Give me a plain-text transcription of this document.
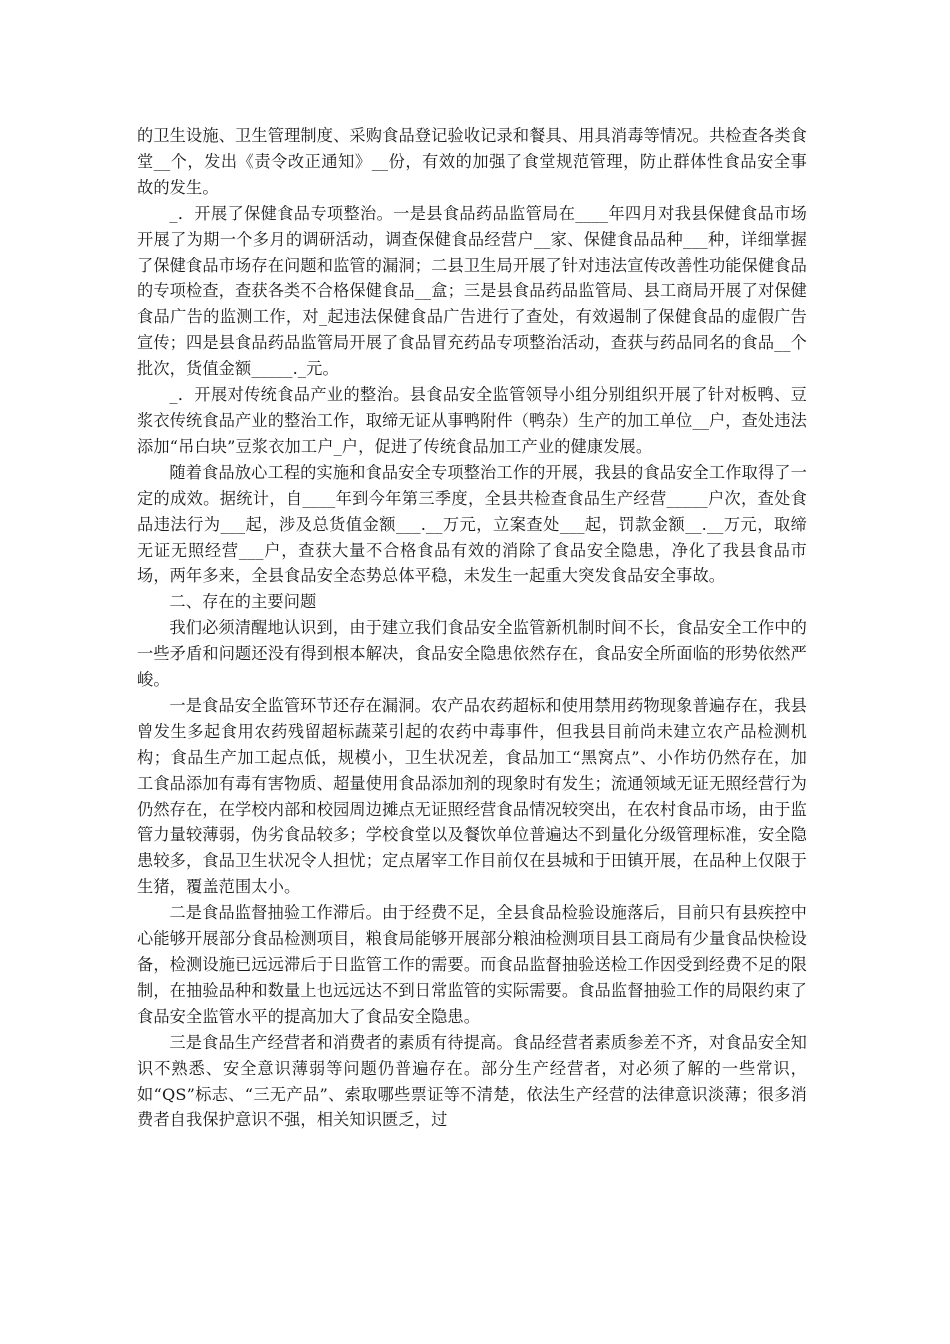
的卫生设施、卫生管理制度、采购食品登记验收记录和餐具、用具消毒等情况。共检查各类食堂__个，发出《责令改正通知》__份，有效的加强了食堂规范管理，防止群体性食品安全事故的发生。

_．开展了保健食品专项整治。一是县食品药品监管局在____年四月对我县保健食品市场开展了为期一个多月的调研活动，调查保健食品经营户__家、保健食品品种___种，详细掌握了保健食品市场存在问题和监管的漏洞；二县卫生局开展了针对违法宣传改善性功能保健食品的专项检查，查获各类不合格保健食品__盒；三是县食品药品监管局、县工商局开展了对保健食品广告的监测工作，对_起违法保健食品广告进行了查处，有效遏制了保健食品的虚假广告宣传；四是县食品药品监管局开展了食品冒充药品专项整治活动，查获与药品同名的食品__个批次，货值金额_____._元。

_．开展对传统食品产业的整治。县食品安全监管领导小组分别组织开展了针对板鸭、豆浆衣传统食品产业的整治工作，取缔无证从事鸭附件（鸭杂）生产的加工单位__户，查处违法添加“吊白块”豆浆衣加工户_户，促进了传统食品加工产业的健康发展。

随着食品放心工程的实施和食品安全专项整治工作的开展，我县的食品安全工作取得了一定的成效。据统计，自____年到今年第三季度，全县共检查食品生产经营_____户次，查处食品违法行为___起，涉及总货值金额___.__万元，立案查处___起，罚款金额__.__万元，取缔无证无照经营___户，查获大量不合格食品有效的消除了食品安全隐患，净化了我县食品市场，两年多来，全县食品安全态势总体平稳，未发生一起重大突发食品安全事故。

二、存在的主要问题

我们必须清醒地认识到，由于建立我们食品安全监管新机制时间不长，食品安全工作中的一些矛盾和问题还没有得到根本解决，食品安全隐患依然存在，食品安全所面临的形势依然严峻。

一是食品安全监管环节还存在漏洞。农产品农药超标和使用禁用药物现象普遍存在，我县曾发生多起食用农药残留超标蔬菜引起的农药中毒事件，但我县目前尚未建立农产品检测机构；食品生产加工起点低，规模小，卫生状况差，食品加工“黑窝点”、小作坊仍然存在，加工食品添加有毒有害物质、超量使用食品添加剂的现象时有发生；流通领域无证无照经营行为仍然存在，在学校内部和校园周边摊点无证照经营食品情况较突出，在农村食品市场，由于监管力量较薄弱，伪劣食品较多；学校食堂以及餐饮单位普遍达不到量化分级管理标准，安全隐患较多，食品卫生状况令人担忧；定点屠宰工作目前仅在县城和于田镇开展，在品种上仅限于生猪，覆盖范围太小。

二是食品监督抽验工作滞后。由于经费不足，全县食品检验设施落后，目前只有县疾控中心能够开展部分食品检测项目，粮食局能够开展部分粮油检测项目县工商局有少量食品快检设备，检测设施已远远滞后于日监管工作的需要。而食品监督抽验送检工作因受到经费不足的限制，在抽验品种和数量上也远远达不到日常监管的实际需要。食品监督抽验工作的局限约束了食品安全监管水平的提高加大了食品安全隐患。

三是食品生产经营者和消费者的素质有待提高。食品经营者素质参差不齐，对食品安全知识不熟悉、安全意识薄弱等问题仍普遍存在。部分生产经营者，对必须了解的一些常识，如“QS”标志、“三无产品”、索取哪些票证等不清楚，依法生产经营的法律意识淡薄；很多消费者自我保护意识不强，相关知识匮乏，过
